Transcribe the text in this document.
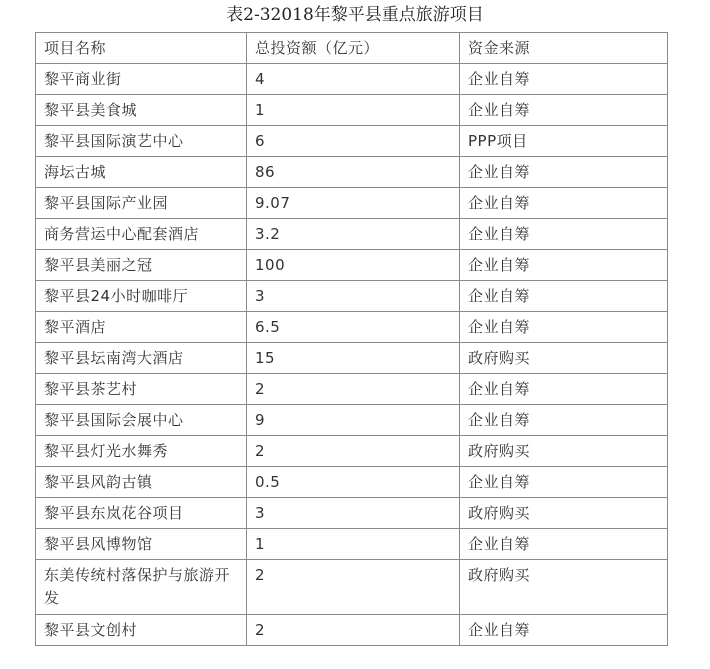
表2-32018年黎平县重点旅游项目
项目名称	总投资额（亿元）	资金来源
黎平商业街	4	企业自筹
黎平县美食城	1	企业自筹
黎平县国际演艺中心	6	PPP项目
海坛古城	86	企业自筹
黎平县国际产业园	9.07	企业自筹
商务营运中心配套酒店	3.2	企业自筹
黎平县美丽之冠	100	企业自筹
黎平县24小时咖啡厅	3	企业自筹
黎平酒店	6.5	企业自筹
黎平县坛南湾大酒店	15	政府购买
黎平县茶艺村	2	企业自筹
黎平县国际会展中心	9	企业自筹
黎平县灯光水舞秀	2	政府购买
黎平县风韵古镇	0.5	企业自筹
黎平县东岚花谷项目	3	政府购买
黎平县风博物馆	1	企业自筹
东美传统村落保护与旅游开发	2	政府购买
黎平县文创村	2	企业自筹
